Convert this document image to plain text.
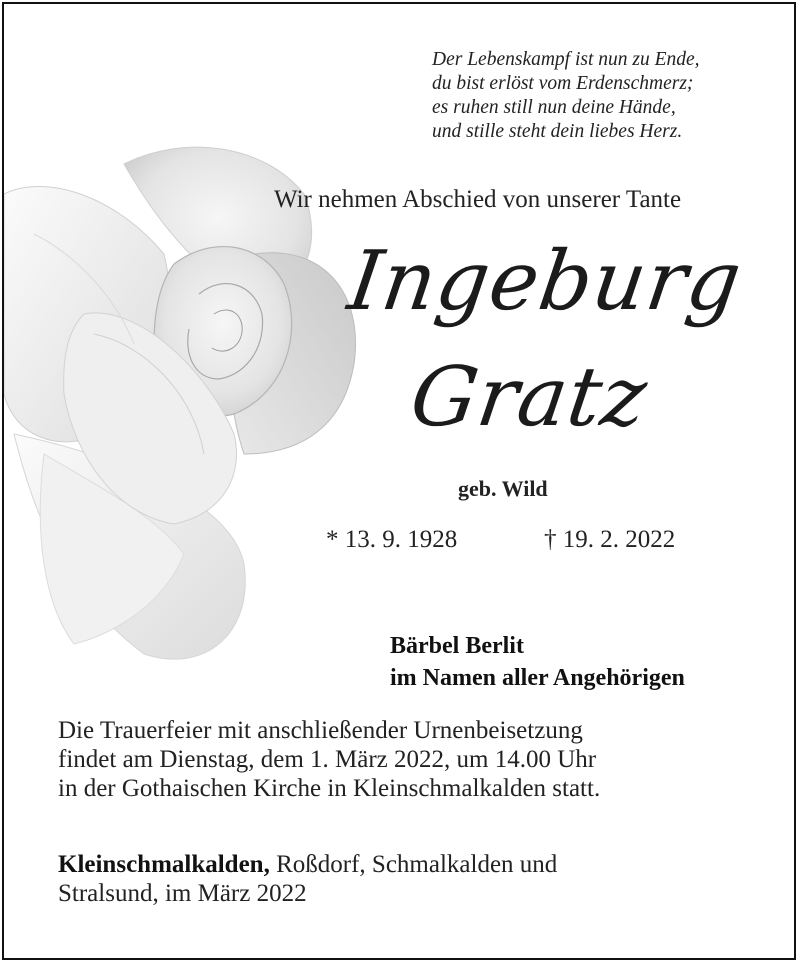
Der Lebenskampf ist nun zu Ende,
du bist erlöst vom Erdenschmerz;
es ruhen still nun deine Hände,
und stille steht dein liebes Herz.
Wir nehmen Abschied von unserer Tante
Ingeburg
Gratz
geb. Wild
* 13. 9. 1928	† 19. 2. 2022
Bärbel Berlit
im Namen aller Angehörigen
Die Trauerfeier mit anschließender Urnenbeisetzung
findet am Dienstag, dem 1. März 2022, um 14.00 Uhr
in der Gothaischen Kirche in Kleinschmalkalden statt.
Kleinschmalkalden, Roßdorf, Schmalkalden und
Stralsund, im März 2022
